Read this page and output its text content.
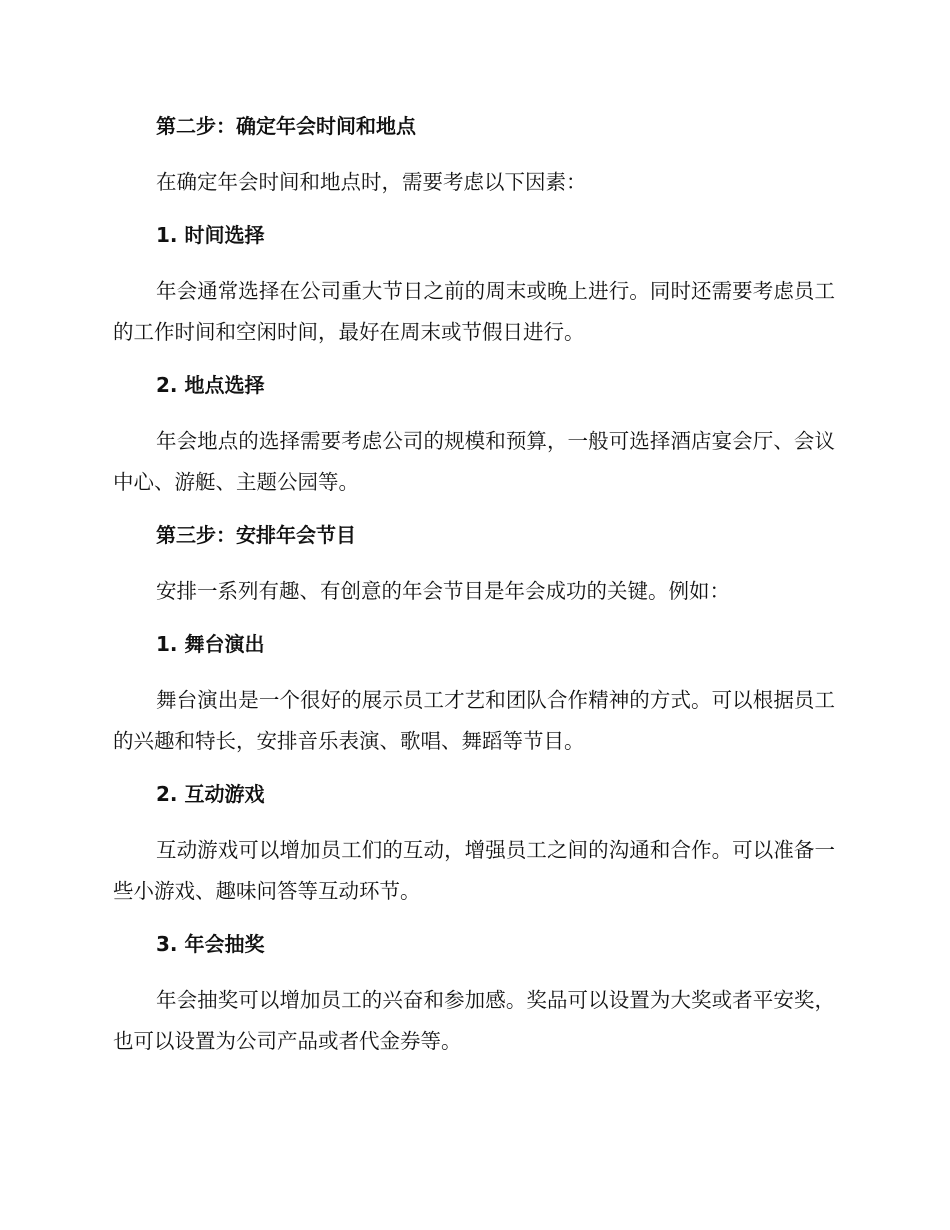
第二步：确定年会时间和地点

在确定年会时间和地点时，需要考虑以下因素：

1. 时间选择

年会通常选择在公司重大节日之前的周末或晚上进行。同时还需要考虑员工的工作时间和空闲时间，最好在周末或节假日进行。

2. 地点选择

年会地点的选择需要考虑公司的规模和预算，一般可选择酒店宴会厅、会议中心、游艇、主题公园等。

第三步：安排年会节目

安排一系列有趣、有创意的年会节目是年会成功的关键。例如：

1. 舞台演出

舞台演出是一个很好的展示员工才艺和团队合作精神的方式。可以根据员工的兴趣和特长，安排音乐表演、歌唱、舞蹈等节目。

2. 互动游戏

互动游戏可以增加员工们的互动，增强员工之间的沟通和合作。可以准备一些小游戏、趣味问答等互动环节。

3. 年会抽奖

年会抽奖可以增加员工的兴奋和参加感。奖品可以设置为大奖或者平安奖，也可以设置为公司产品或者代金券等。
